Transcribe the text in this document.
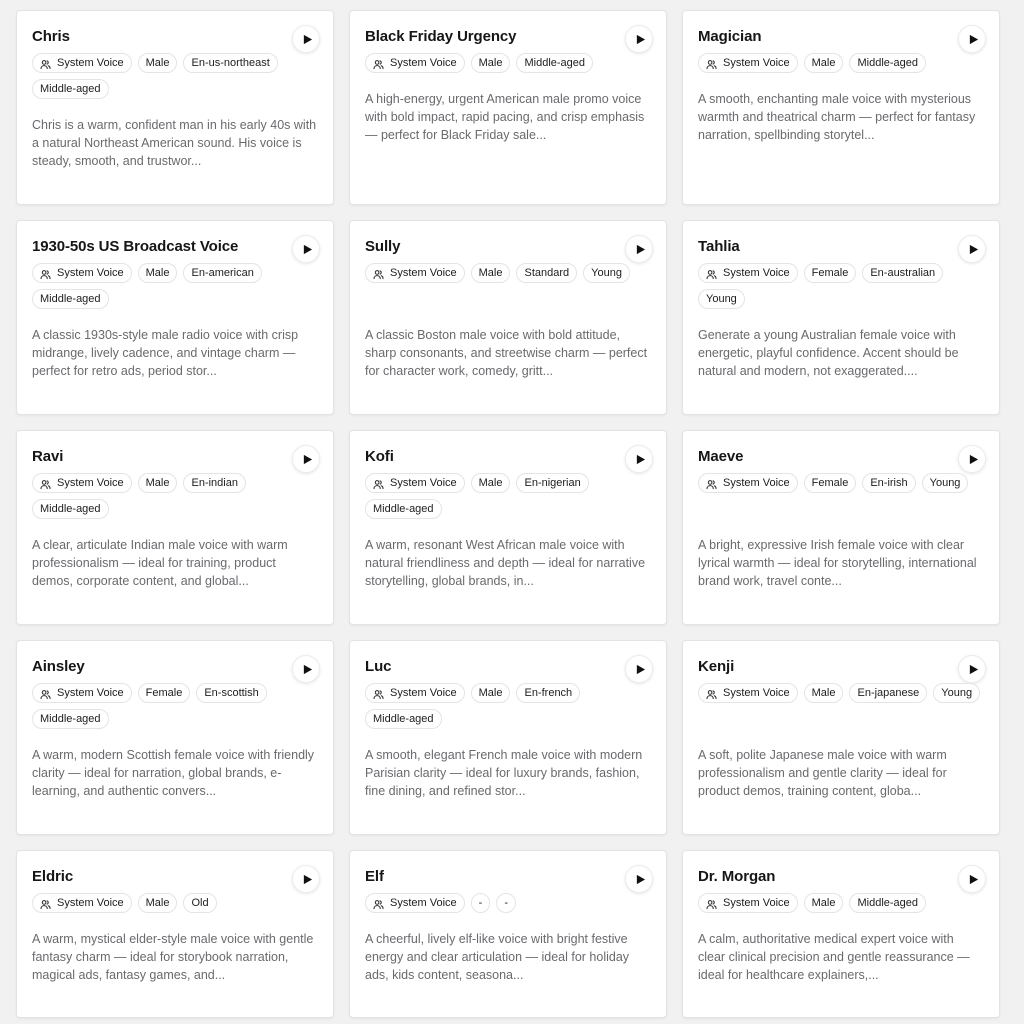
Chris
System Voice Male En-us-northeast
Middle-aged
Chris is a warm, confident man in his early 40s with a natural Northeast American sound. His voice is steady, smooth, and trustwor...
Black Friday Urgency
System Voice Male Middle-aged
A high-energy, urgent American male promo voice with bold impact, rapid pacing, and crisp emphasis — perfect for Black Friday sale...
Magician
System Voice Male Middle-aged
A smooth, enchanting male voice with mysterious warmth and theatrical charm — perfect for fantasy narration, spellbinding storytel...
1930-50s US Broadcast Voice
System Voice Male En-american
Middle-aged
A classic 1930s-style male radio voice with crisp midrange, lively cadence, and vintage charm — perfect for retro ads, period stor...
Sully
System Voice Male Standard Young
A classic Boston male voice with bold attitude, sharp consonants, and streetwise charm — perfect for character work, comedy, gritt...
Tahlia
System Voice Female En-australian
Young
Generate a young Australian female voice with energetic, playful confidence. Accent should be natural and modern, not exaggerated....
Ravi
System Voice Male En-indian
Middle-aged
A clear, articulate Indian male voice with warm professionalism — ideal for training, product demos, corporate content, and global...
Kofi
System Voice Male En-nigerian
Middle-aged
A warm, resonant West African male voice with natural friendliness and depth — ideal for narrative storytelling, global brands, in...
Maeve
System Voice Female En-irish Young
A bright, expressive Irish female voice with clear lyrical warmth — ideal for storytelling, international brand work, travel conte...
Ainsley
System Voice Female En-scottish
Middle-aged
A warm, modern Scottish female voice with friendly clarity — ideal for narration, global brands, e-learning, and authentic convers...
Luc
System Voice Male En-french
Middle-aged
A smooth, elegant French male voice with modern Parisian clarity — ideal for luxury brands, fashion, fine dining, and refined stor...
Kenji
System Voice Male En-japanese Young
A soft, polite Japanese male voice with warm professionalism and gentle clarity — ideal for product demos, training content, globa...
Eldric
System Voice Male Old
A warm, mystical elder-style male voice with gentle fantasy charm — ideal for storybook narration, magical ads, fantasy games, and...
Elf
System Voice - -
A cheerful, lively elf-like voice with bright festive energy and clear articulation — ideal for holiday ads, kids content, seasona...
Dr. Morgan
System Voice Male Middle-aged
A calm, authoritative medical expert voice with clear clinical precision and gentle reassurance — ideal for healthcare explainers,...
